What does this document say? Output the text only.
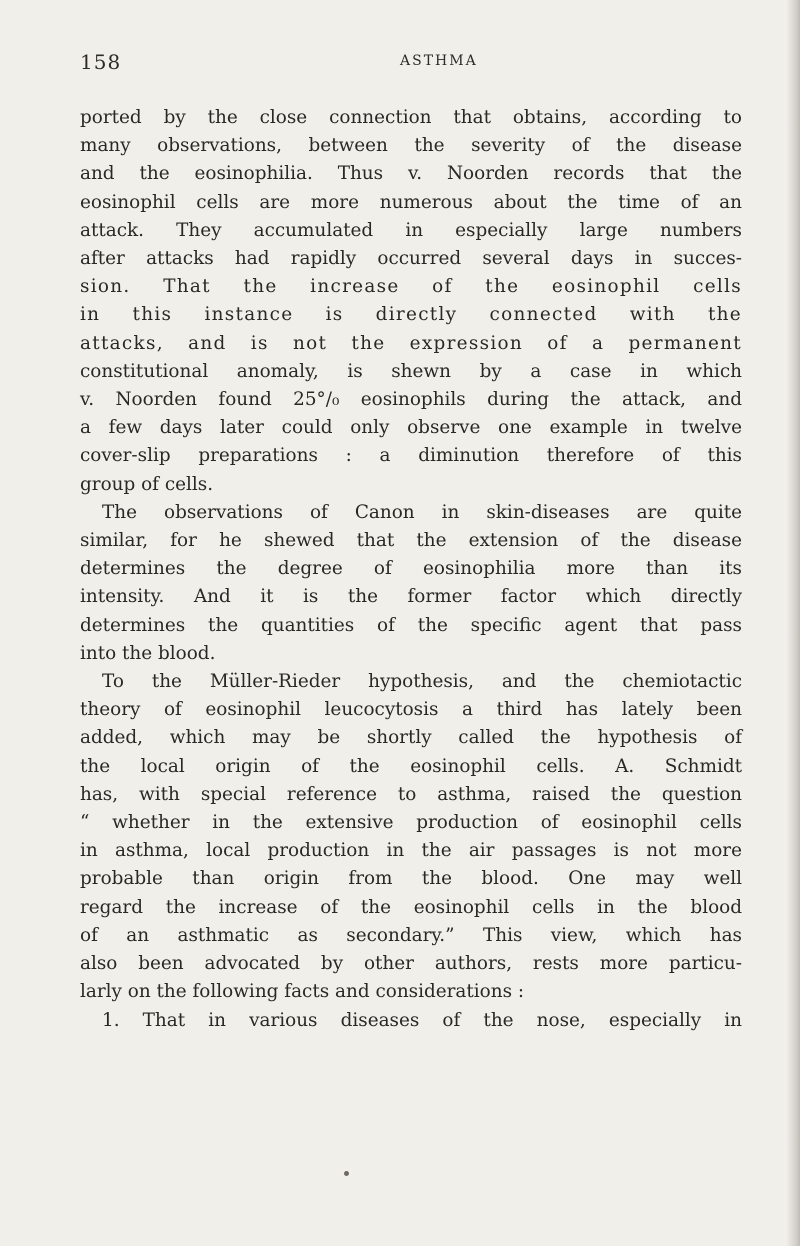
158	ASTHMA
ported by the close connection that obtains, according to
many observations, between the severity of the disease
and the eosinophilia. Thus v. Noorden records that the
eosinophil cells are more numerous about the time of an
attack. They accumulated in especially large numbers
after attacks had rapidly occurred several days in succes-
sion. That the increase of the eosinophil cells
in this instance is directly connected with the
attacks, and is not the expression of a permanent
constitutional anomaly, is shewn by a case in which
v. Noorden found 25°/₀ eosinophils during the attack, and
a few days later could only observe one example in twelve
cover-slip preparations : a diminution therefore of this
group of cells.
The observations of Canon in skin-diseases are quite
similar, for he shewed that the extension of the disease
determines the degree of eosinophilia more than its
intensity. And it is the former factor which directly
determines the quantities of the specific agent that pass
into the blood.
To the Müller-Rieder hypothesis, and the chemiotactic
theory of eosinophil leucocytosis a third has lately been
added, which may be shortly called the hypothesis of
the local origin of the eosinophil cells. A. Schmidt
has, with special reference to asthma, raised the question
“ whether in the extensive production of eosinophil cells
in asthma, local production in the air passages is not more
probable than origin from the blood. One may well
regard the increase of the eosinophil cells in the blood
of an asthmatic as secondary.” This view, which has
also been advocated by other authors, rests more particu-
larly on the following facts and considerations :
1. That in various diseases of the nose, especially in
